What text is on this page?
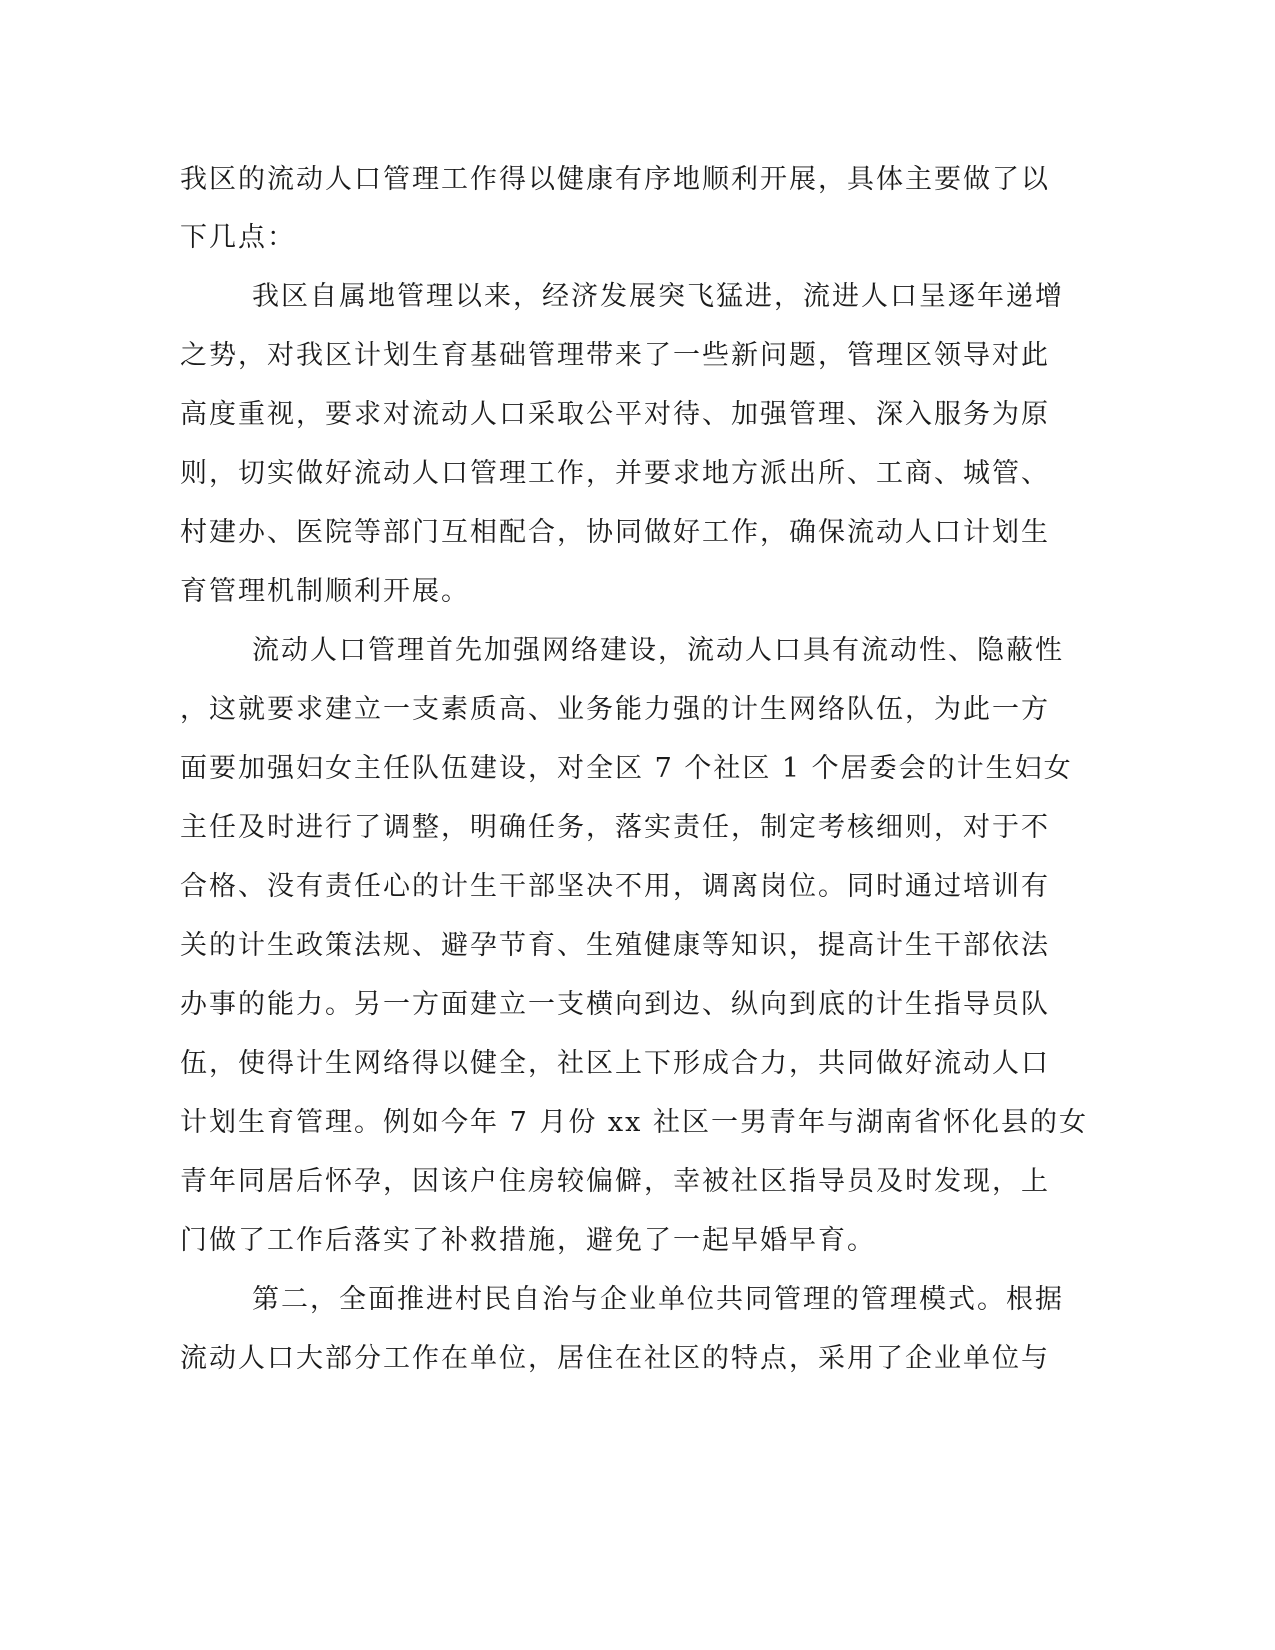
我区的流动人口管理工作得以健康有序地顺利开展，具体主要做了以
下几点：
我区自属地管理以来，经济发展突飞猛进，流进人口呈逐年递增
之势，对我区计划生育基础管理带来了一些新问题，管理区领导对此
高度重视，要求对流动人口采取公平对待、加强管理、深入服务为原
则，切实做好流动人口管理工作，并要求地方派出所、工商、城管、
村建办、医院等部门互相配合，协同做好工作，确保流动人口计划生
育管理机制顺利开展。
流动人口管理首先加强网络建设，流动人口具有流动性、隐蔽性
，这就要求建立一支素质高、业务能力强的计生网络队伍，为此一方
面要加强妇女主任队伍建设，对全区 7 个社区 1 个居委会的计生妇女
主任及时进行了调整，明确任务，落实责任，制定考核细则，对于不
合格、没有责任心的计生干部坚决不用，调离岗位。同时通过培训有
关的计生政策法规、避孕节育、生殖健康等知识，提高计生干部依法
办事的能力。另一方面建立一支横向到边、纵向到底的计生指导员队
伍，使得计生网络得以健全，社区上下形成合力，共同做好流动人口
计划生育管理。例如今年 7 月份 xx 社区一男青年与湖南省怀化县的女
青年同居后怀孕，因该户住房较偏僻，幸被社区指导员及时发现，上
门做了工作后落实了补救措施，避免了一起早婚早育。
第二，全面推进村民自治与企业单位共同管理的管理模式。根据
流动人口大部分工作在单位，居住在社区的特点，采用了企业单位与
